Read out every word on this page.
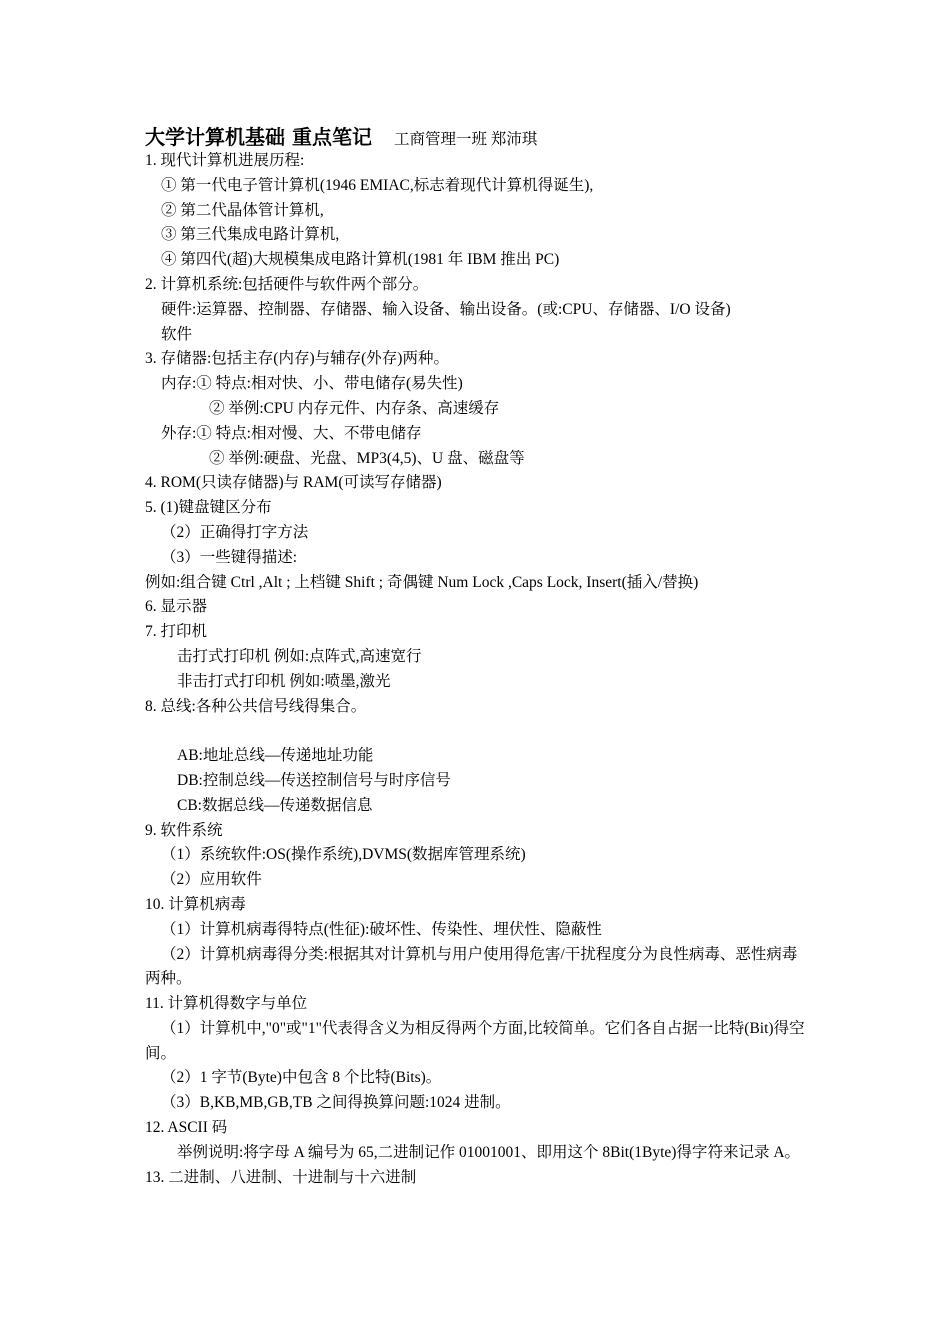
大学计算机基础 重点笔记 工商管理一班 郑沛琪
1. 现代计算机进展历程:
① 第一代电子管计算机(1946 EMIAC,标志着现代计算机得诞生),
② 第二代晶体管计算机,
③ 第三代集成电路计算机,
④ 第四代(超)大规模集成电路计算机(1981 年 IBM 推出 PC)
2. 计算机系统:包括硬件与软件两个部分。
硬件:运算器、控制器、存储器、输入设备、输出设备。(或:CPU、存储器、I/O 设备)
软件
3. 存储器:包括主存(内存)与辅存(外存)两种。
内存:① 特点:相对快、小、带电储存(易失性)
② 举例:CPU 内存元件、内存条、高速缓存
外存:① 特点:相对慢、大、不带电储存
② 举例:硬盘、光盘、MP3(4,5)、U 盘、磁盘等
4. ROM(只读存储器)与 RAM(可读写存储器)
5. (1)键盘键区分布
（2）正确得打字方法
（3）一些键得描述:
例如:组合键 Ctrl ,Alt ; 上档键 Shift ; 奇偶键 Num Lock ,Caps Lock, Insert(插入/替换)
6. 显示器
7. 打印机
击打式打印机 例如:点阵式,高速宽行
非击打式打印机 例如:喷墨,激光
8. 总线:各种公共信号线得集合。
AB:地址总线—传递地址功能
DB:控制总线—传送控制信号与时序信号
CB:数据总线—传递数据信息
9. 软件系统
（1）系统软件:OS(操作系统),DVMS(数据库管理系统)
（2）应用软件
10. 计算机病毒
（1）计算机病毒得特点(性征):破坏性、传染性、埋伏性、隐蔽性
（2）计算机病毒得分类:根据其对计算机与用户使用得危害/干扰程度分为良性病毒、恶性病毒两种。
11. 计算机得数字与单位
（1）计算机中,"0"或"1"代表得含义为相反得两个方面,比较简单。它们各自占据一比特(Bit)得空间。
（2）1 字节(Byte)中包含 8 个比特(Bits)。
（3）B,KB,MB,GB,TB 之间得换算问题:1024 进制。
12. ASCII 码
举例说明:将字母 A 编号为 65,二进制记作 01001001、即用这个 8Bit(1Byte)得字符来记录 A。
13. 二进制、八进制、十进制与十六进制
